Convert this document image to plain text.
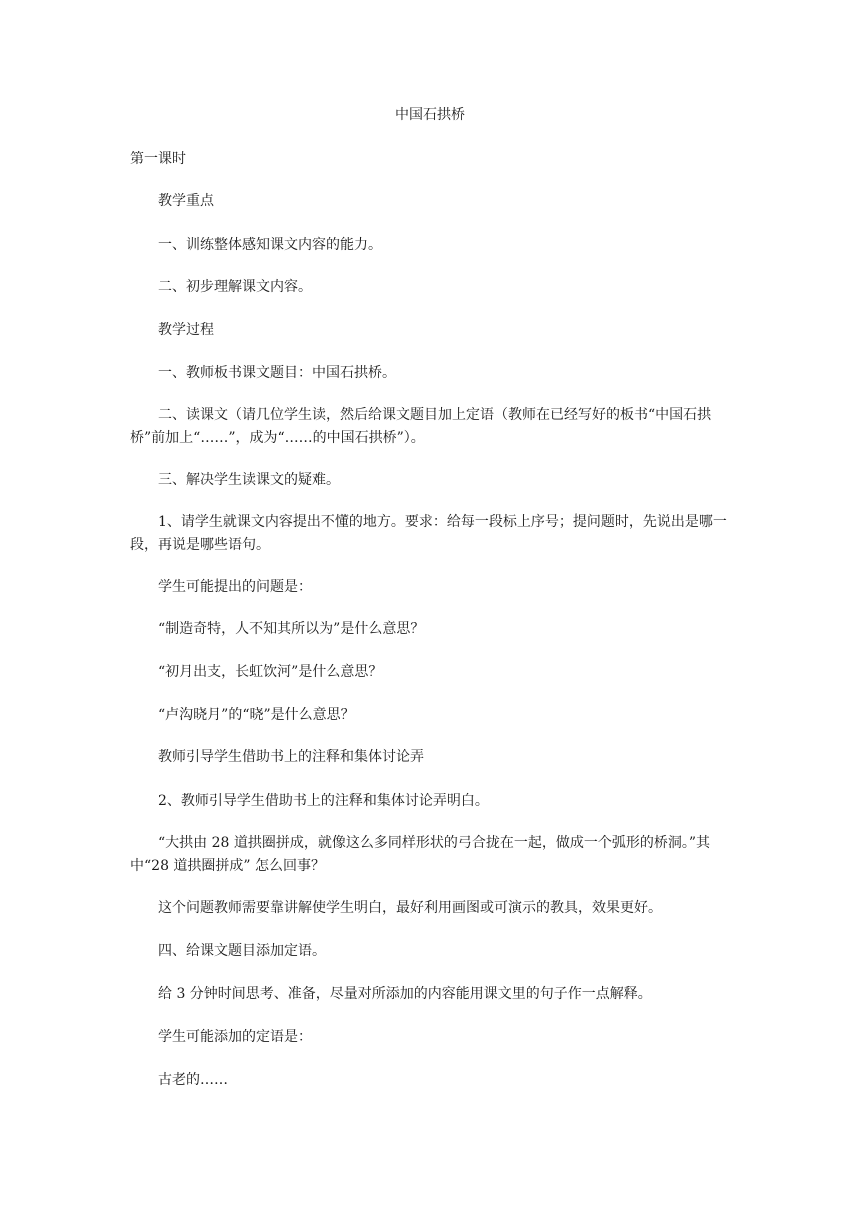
中国石拱桥

第一课时

教学重点

一、训练整体感知课文内容的能力。

二、初步理解课文内容。

教学过程

一、教师板书课文题目：中国石拱桥。

二、读课文（请几位学生读，然后给课文题目加上定语（教师在已经写好的板书“中国石拱桥”前加上“……”，成为“……的中国石拱桥”）。

三、解决学生读课文的疑难。

1、请学生就课文内容提出不懂的地方。要求：给每一段标上序号；提问题时，先说出是哪一段，再说是哪些语句。

学生可能提出的问题是：

“制造奇特，人不知其所以为”是什么意思？

“初月出支，长虹饮河”是什么意思？

“卢沟晓月”的“晓”是什么意思？

教师引导学生借助书上的注释和集体讨论弄

2、教师引导学生借助书上的注释和集体讨论弄明白。

“大拱由 28 道拱圈拼成，就像这么多同样形状的弓合拢在一起，做成一个弧形的桥洞。”其中“28 道拱圈拼成” 怎么回事？

这个问题教师需要靠讲解使学生明白，最好利用画图或可演示的教具，效果更好。

四、给课文题目添加定语。

给 3 分钟时间思考、准备，尽量对所添加的内容能用课文里的句子作一点解释。

学生可能添加的定语是：

古老的……
